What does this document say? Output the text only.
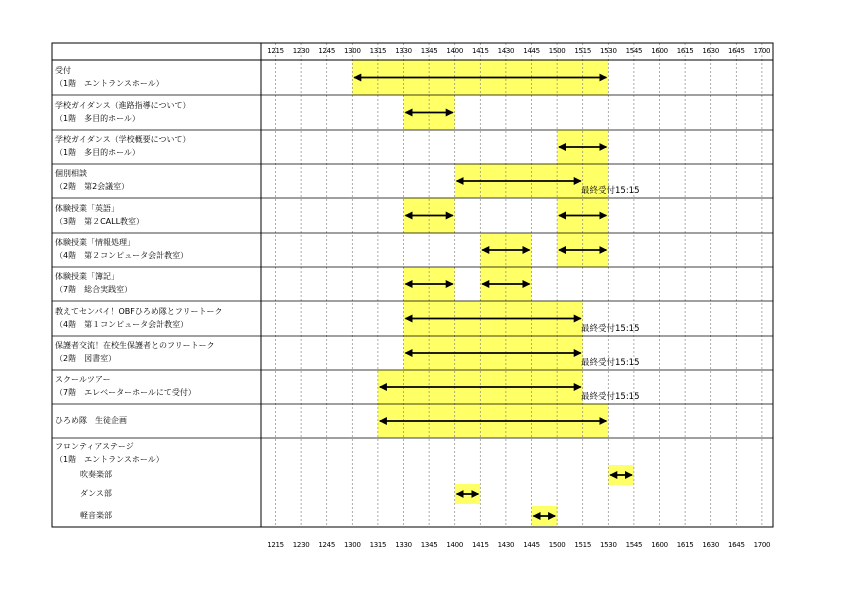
1215
1215
1230
1230
1245
1245
1300
1300
1315
1315
1330
1330
1345
1345
1400
1400
1415
1415
1430
1430
1445
1445
1500
1500
1515
1515
1530
1530
1545
1545
1600
1600
1615
1615
1630
1630
1645
1645
1700
1700
受付
（1階　エントランスホール）
学校ガイダンス（進路指導について）
（1階　多目的ホール）
学校ガイダンス（学校概要について）
（1階　多目的ホール）
個別相談
（2階　第2会議室）	最終受付15:15
体験授業「英語」
（3階　第２CALL教室）
体験授業「情報処理」
（4階　第２コンピュータ会計教室）
体験授業「簿記」
（7階　総合実践室）
教えてセンパイ！OBFひろめ隊とフリートーク
（4階　第１コンピュータ会計教室）	最終受付15:15
保護者交流！在校生保護者とのフリートーク
（2階　図書室）	最終受付15:15
スクールツアー
（7階　エレベーターホールにて受付）	最終受付15:15
ひろめ隊　生徒企画
フロンティアステージ
（1階　エントランスホール）
吹奏楽部
ダンス部
軽音楽部
